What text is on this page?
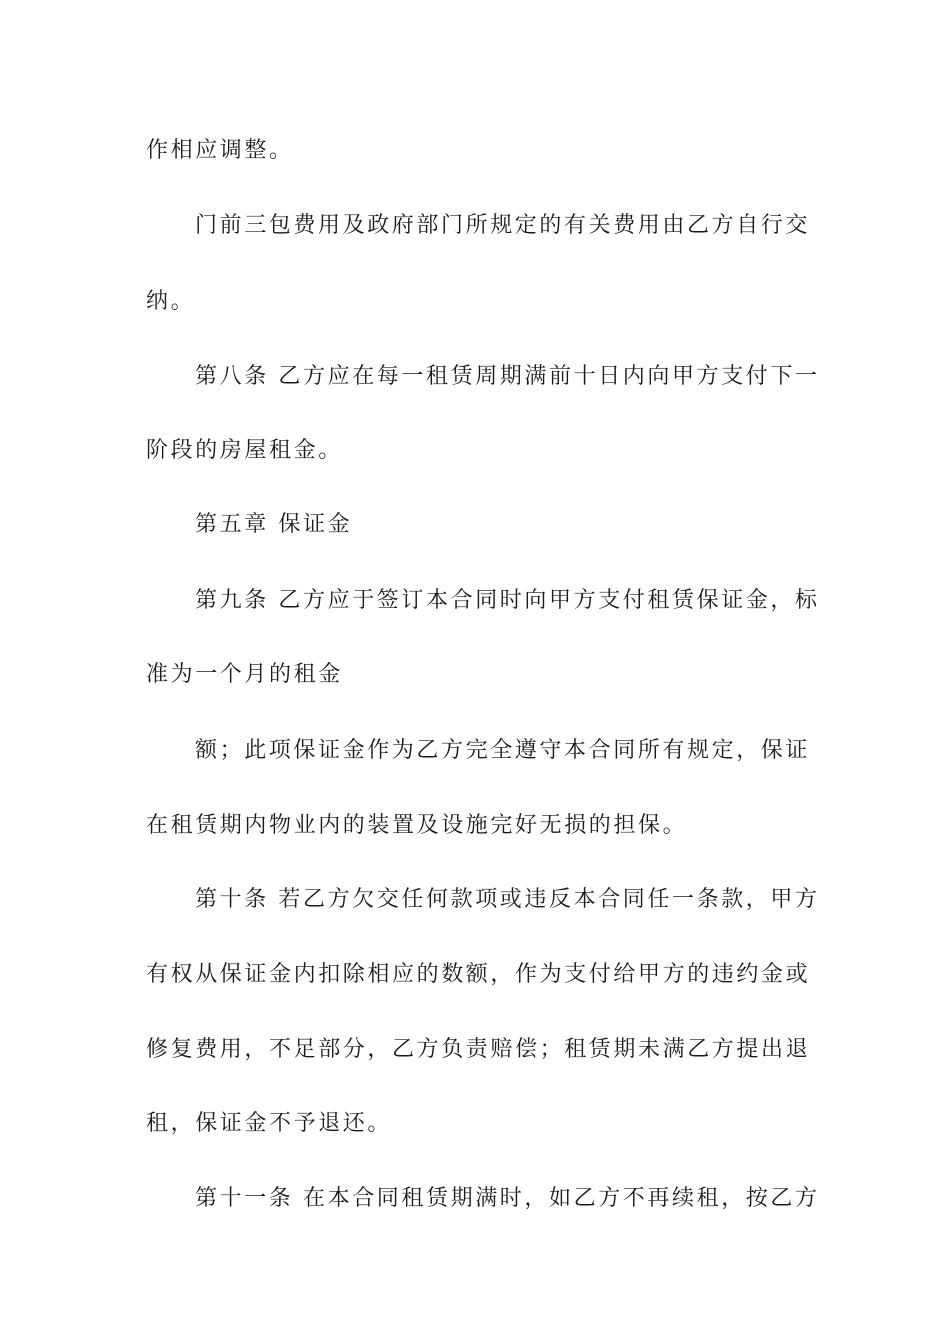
作相应调整。
门前三包费用及政府部门所规定的有关费用由乙方自行交
纳。
第八条 乙方应在每一租赁周期满前十日内向甲方支付下一
阶段的房屋租金。
第五章 保证金
第九条 乙方应于签订本合同时向甲方支付租赁保证金，标
准为一个月的租金
额；此项保证金作为乙方完全遵守本合同所有规定，保证
在租赁期内物业内的装置及设施完好无损的担保。
第十条 若乙方欠交任何款项或违反本合同任一条款，甲方
有权从保证金内扣除相应的数额，作为支付给甲方的违约金或
修复费用，不足部分，乙方负责赔偿；租赁期未满乙方提出退
租，保证金不予退还。
第十一条 在本合同租赁期满时，如乙方不再续租，按乙方
